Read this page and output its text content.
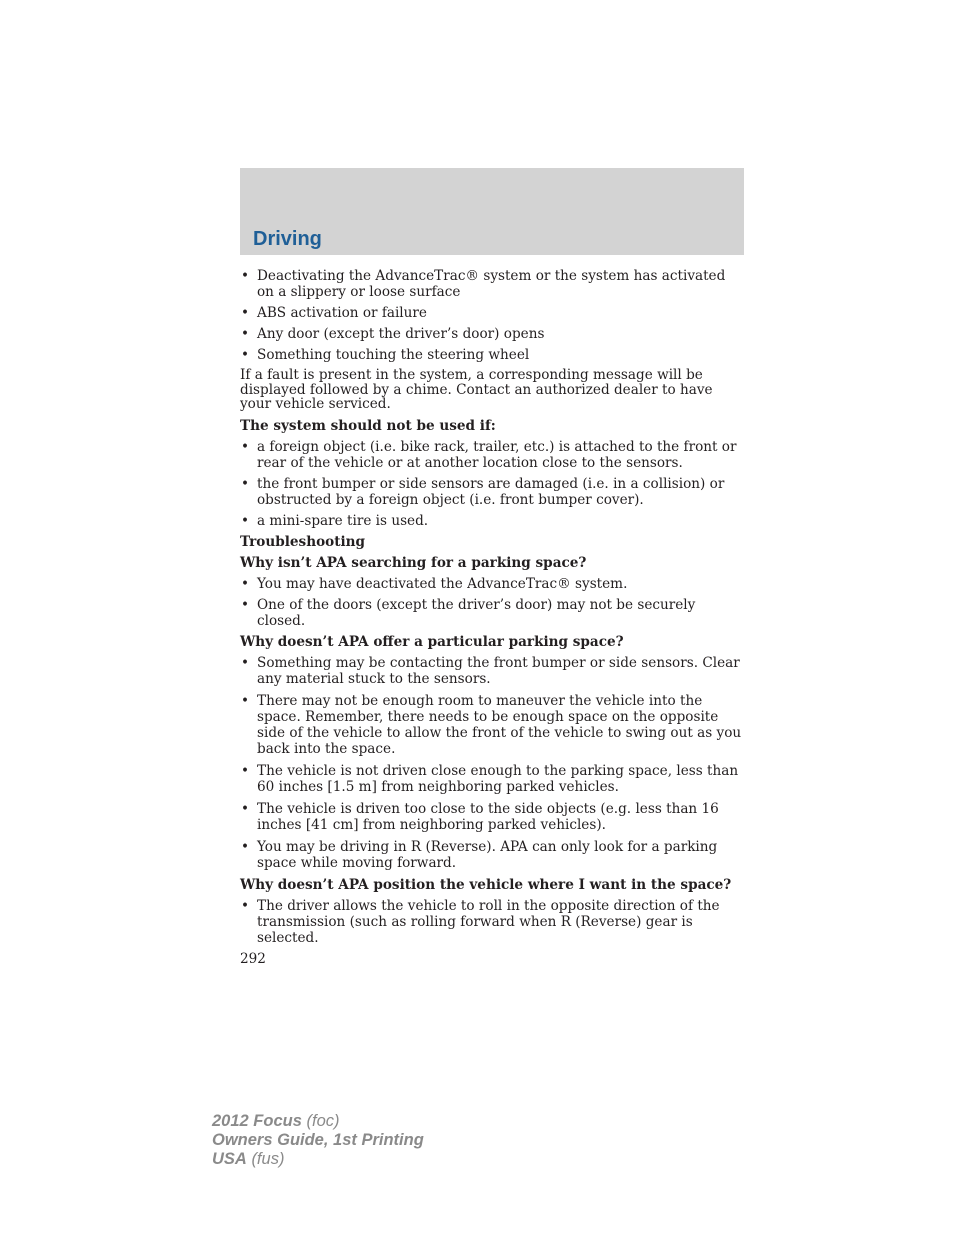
Driving
• Deactivating the AdvanceTrac® system or the system has activated on a slippery or loose surface
• ABS activation or failure
• Any door (except the driver’s door) opens
• Something touching the steering wheel

If a fault is present in the system, a corresponding message will be displayed followed by a chime. Contact an authorized dealer to have your vehicle serviced.

The system should not be used if:

• a foreign object (i.e. bike rack, trailer, etc.) is attached to the front or rear of the vehicle or at another location close to the sensors.
• the front bumper or side sensors are damaged (i.e. in a collision) or obstructed by a foreign object (i.e. front bumper cover).
• a mini-spare tire is used.

Troubleshooting

Why isn’t APA searching for a parking space?

• You may have deactivated the AdvanceTrac® system.
• One of the doors (except the driver’s door) may not be securely closed.

Why doesn’t APA offer a particular parking space?

• Something may be contacting the front bumper or side sensors. Clear any material stuck to the sensors.
• There may not be enough room to maneuver the vehicle into the space. Remember, there needs to be enough space on the opposite side of the vehicle to allow the front of the vehicle to swing out as you back into the space.
• The vehicle is not driven close enough to the parking space, less than 60 inches [1.5 m] from neighboring parked vehicles.
• The vehicle is driven too close to the side objects (e.g. less than 16 inches [41 cm] from neighboring parked vehicles).
• You may be driving in R (Reverse). APA can only look for a parking space while moving forward.

Why doesn’t APA position the vehicle where I want in the space?

• The driver allows the vehicle to roll in the opposite direction of the transmission (such as rolling forward when R (Reverse) gear is selected.
292
2012 Focus (foc)
Owners Guide, 1st Printing
USA (fus)
